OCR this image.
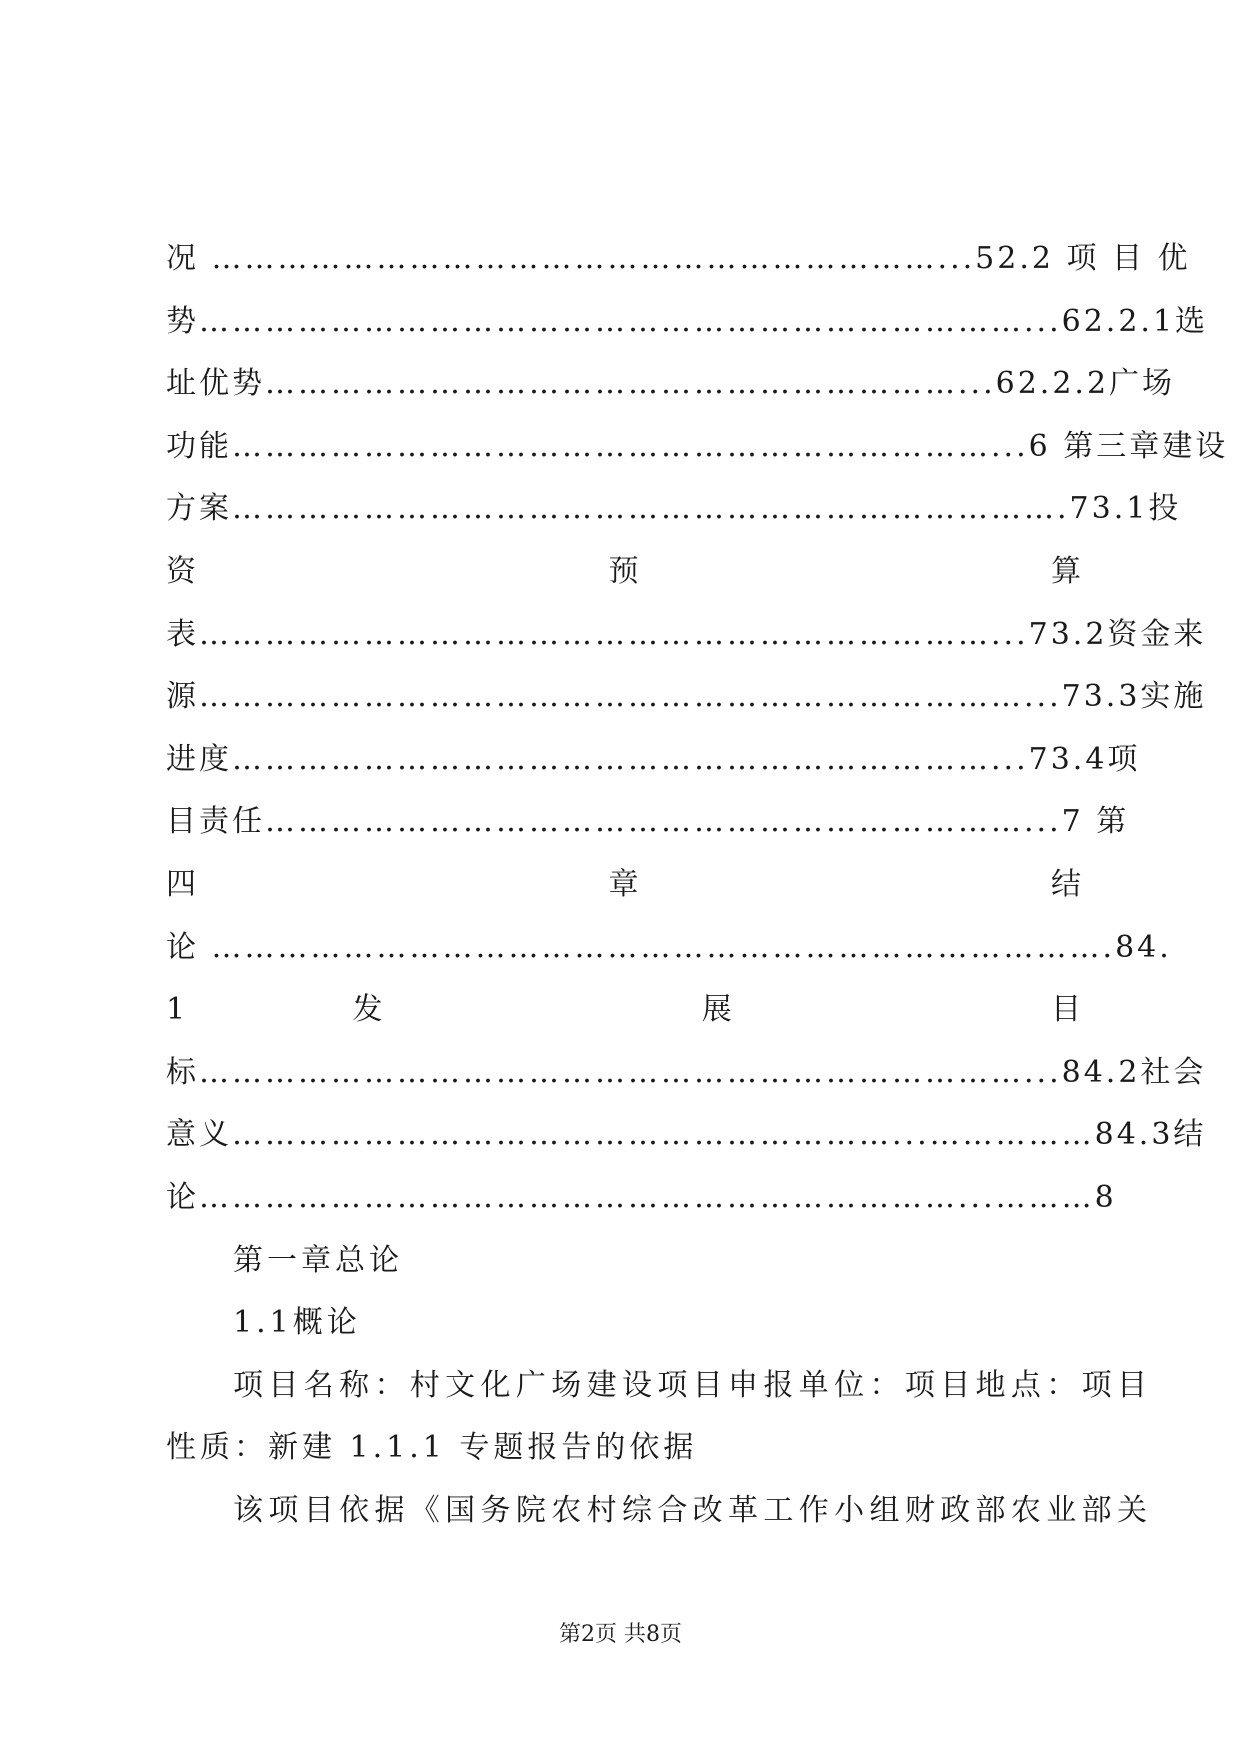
况 …………………………………………………………...52.2 项 目 优
势…………………………………………………………………...62.2.1选
址优势………………………………………………………...62.2.2广场
功能……………………………………………………………...6 第三章建设
方案………………………………………………………………….73.1投
资 预 算
表………………………………………………………………...73.2资金来
源…………………………………………………………………...73.3实施
进度……………………………………………………………...73.4项
目责任……………………………………………………………...7 第
四 章 结
论 ……………………………………………………………………….84.
1 发 展 目
标…………………………………………………………………...84.2社会
意义……………………………………………………...……………84.3结
论……………………………………………………………...………8
第一章总论
1.1概论
项目名称：村文化广场建设项目申报单位：项目地点：项目
性质：新建 1.1.1 专题报告的依据
该项目依据《国务院农村综合改革工作小组财政部农业部关
第2页 共8页
